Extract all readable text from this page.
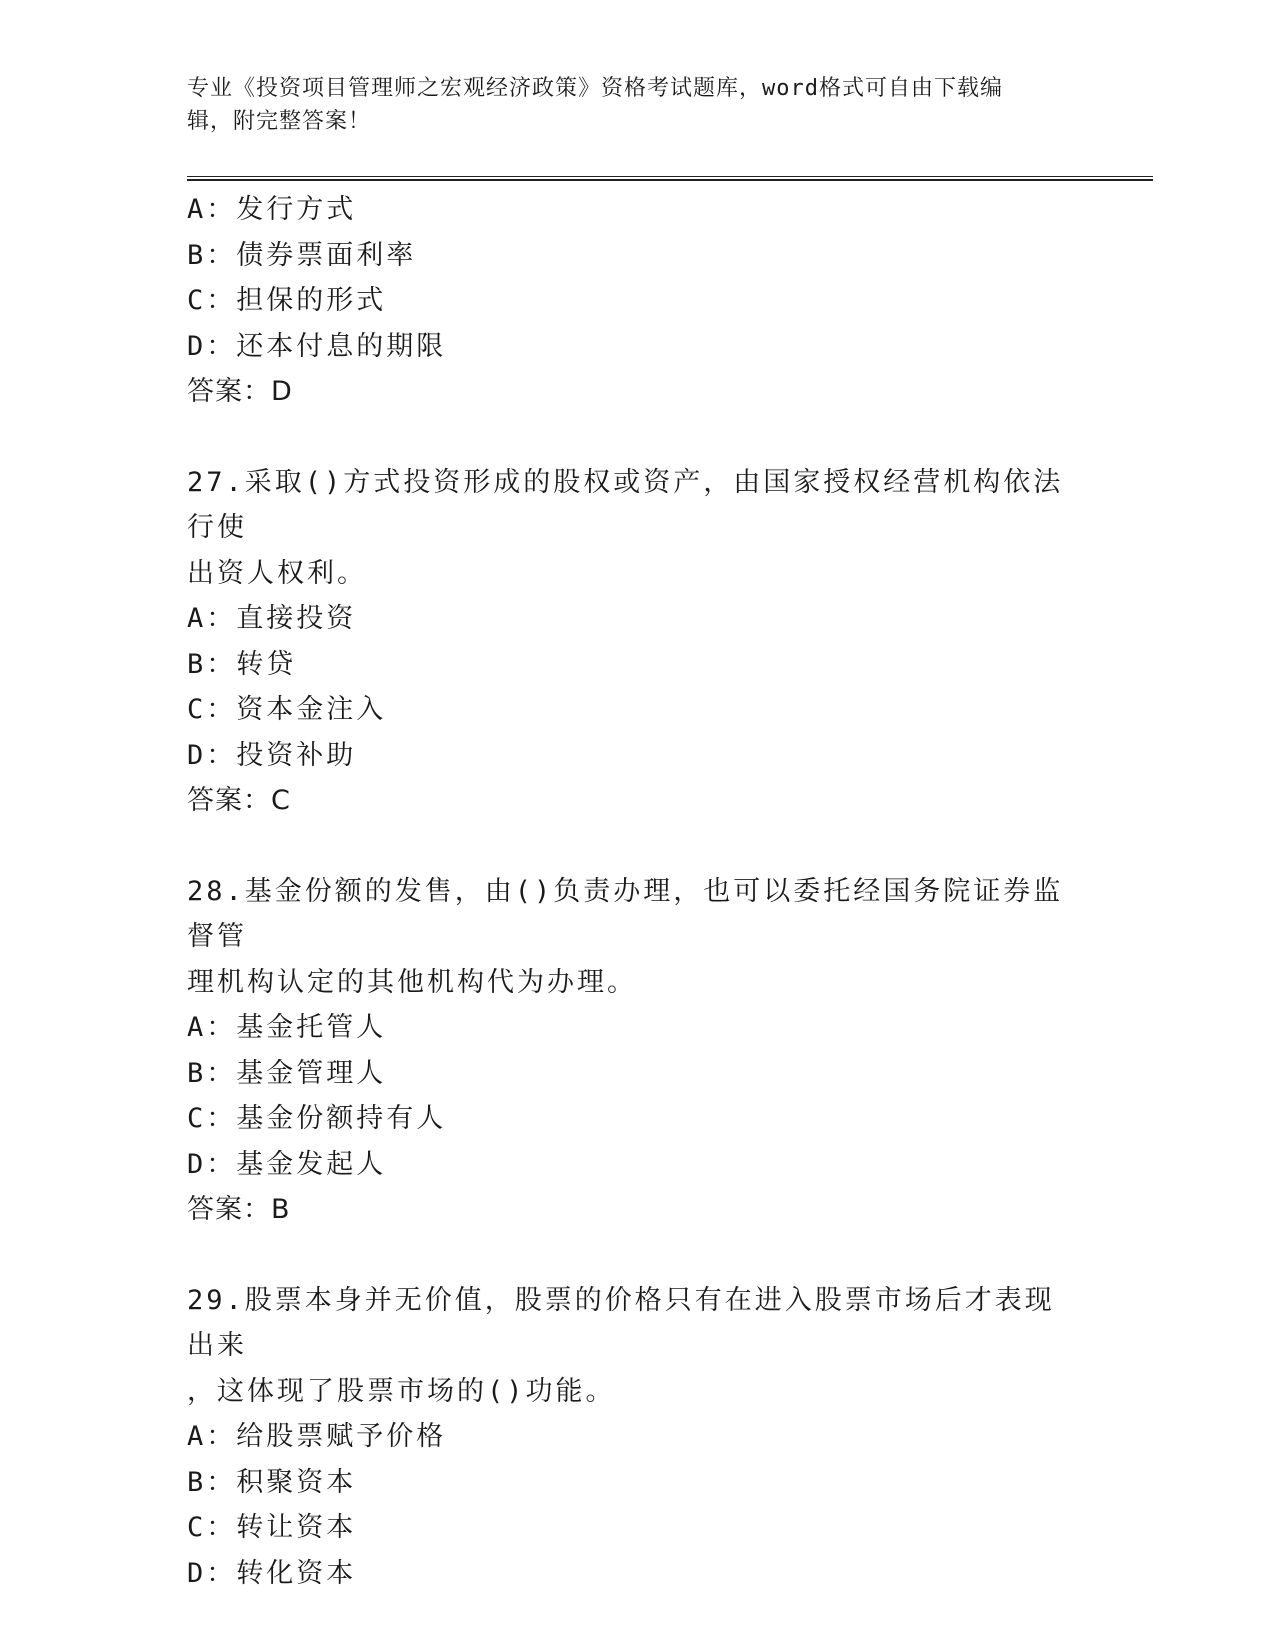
专业《投资项目管理师之宏观经济政策》资格考试题库，word格式可自由下载编
辑，附完整答案！
A：发行方式
B：债券票面利率
C：担保的形式
D：还本付息的期限
答案：D
27.采取()方式投资形成的股权或资产，由国家授权经营机构依法行使
出资人权利。
A：直接投资
B：转贷
C：资本金注入
D：投资补助
答案：C
28.基金份额的发售，由()负责办理，也可以委托经国务院证券监督管
理机构认定的其他机构代为办理。
A：基金托管人
B：基金管理人
C：基金份额持有人
D：基金发起人
答案：B
29.股票本身并无价值，股票的价格只有在进入股票市场后才表现出来
，这体现了股票市场的()功能。
A：给股票赋予价格
B：积聚资本
C：转让资本
D：转化资本
